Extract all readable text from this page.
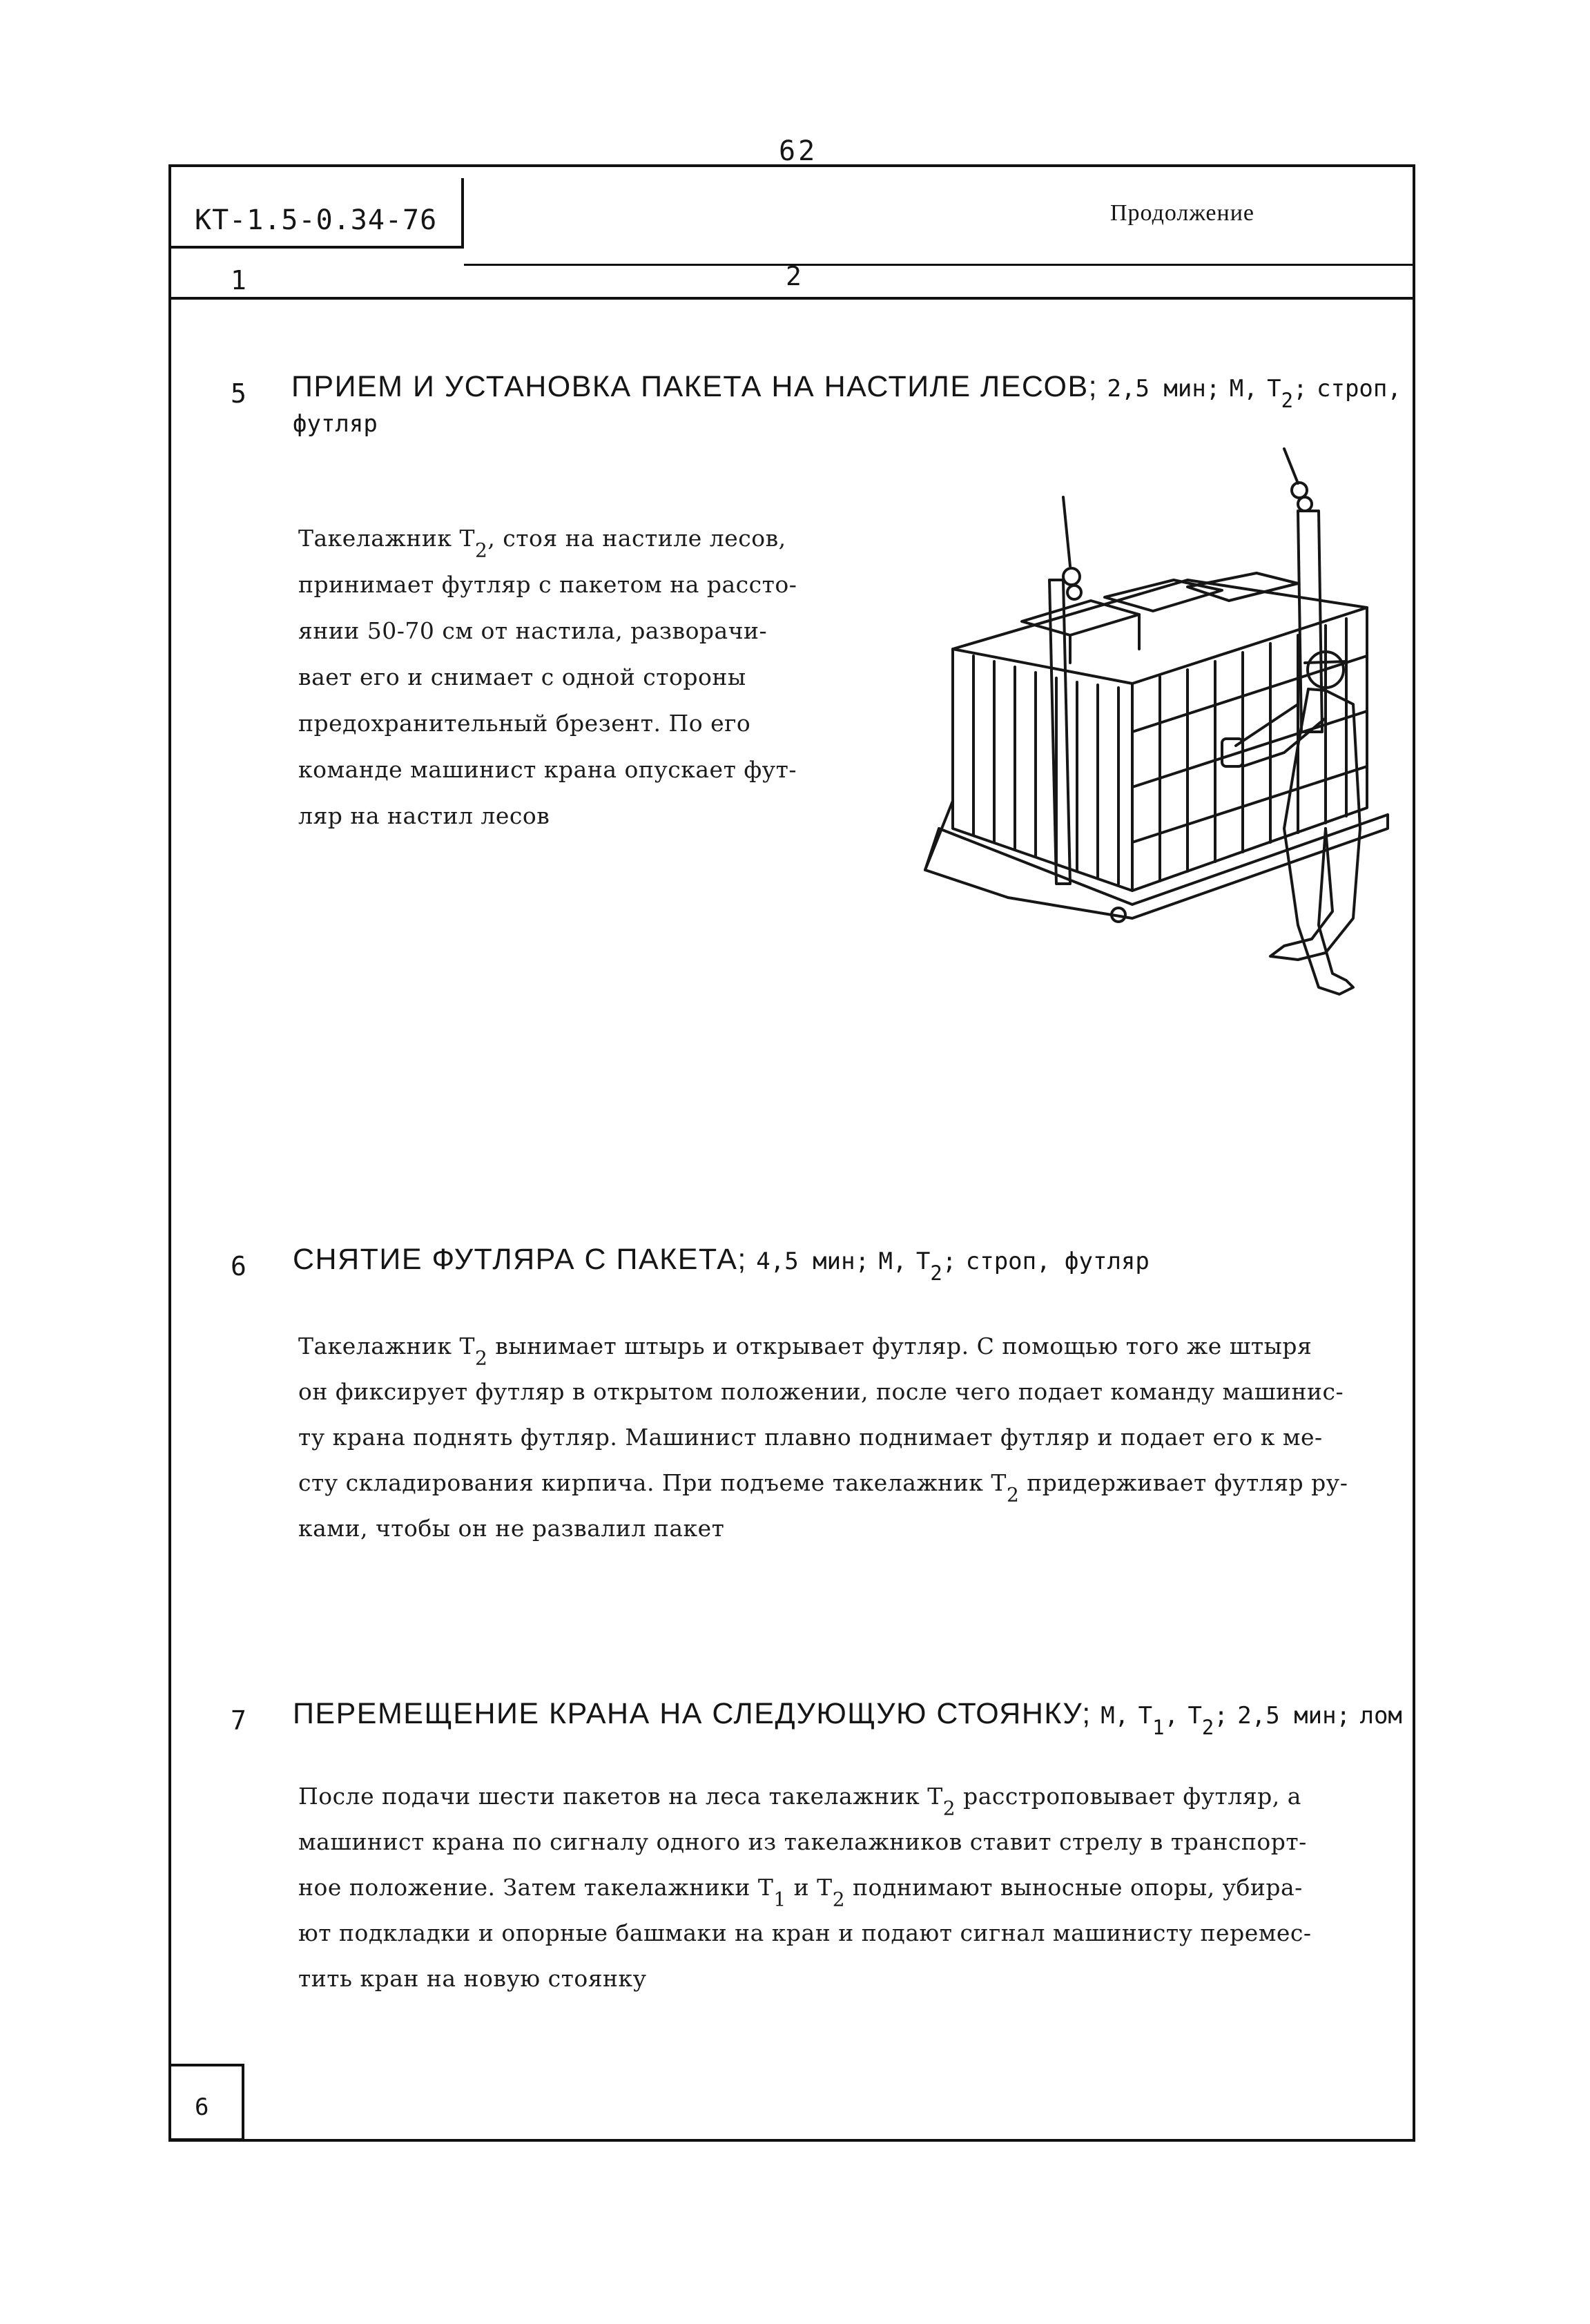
62
КТ-1.5-0.34-76	Продолжение
1	2
5 ПРИЕМ И УСТАНОВКА ПАКЕТА НА НАСТИЛЕ ЛЕСОВ; 2,5 мин; М, $Т_2$; строп,
футляр
Такелажник $Т_2$, стоя на настиле лесов,
принимает футляр с пакетом на рассто-
янии 50-70 см от настила, разворачи-
вает его и снимает с одной стороны
предохранительный брезент. По его
команде машинист крана опускает фут-
ляр на настил лесов
6 СНЯТИЕ ФУТЛЯРА С ПАКЕТА; 4,5 мин; М, $Т_2$; строп, футляр
Такелажник $Т_2$ вынимает штырь и открывает футляр. С помощью того же штыря
он фиксирует футляр в открытом положении, после чего подает команду машинис-
ту крана поднять футляр. Машинист плавно поднимает футляр и подает его к ме-
сту складирования кирпича. При подъеме такелажник $Т_2$ придерживает футляр ру-
ками, чтобы он не развалил пакет
7 ПЕРЕМЕЩЕНИЕ КРАНА НА СЛЕДУЮЩУЮ СТОЯНКУ; М, $Т_1$, $Т_2$; 2,5 мин; лом
После подачи шести пакетов на леса такелажник $Т_2$ расстроповывает футляр, а
машинист крана по сигналу одного из такелажников ставит стрелу в транспорт-
ное положение. Затем такелажники $Т_1$ и $Т_2$ поднимают выносные опоры, убира-
ют подкладки и опорные башмаки на кран и подают сигнал машинисту перемес-
тить кран на новую стоянку
6
